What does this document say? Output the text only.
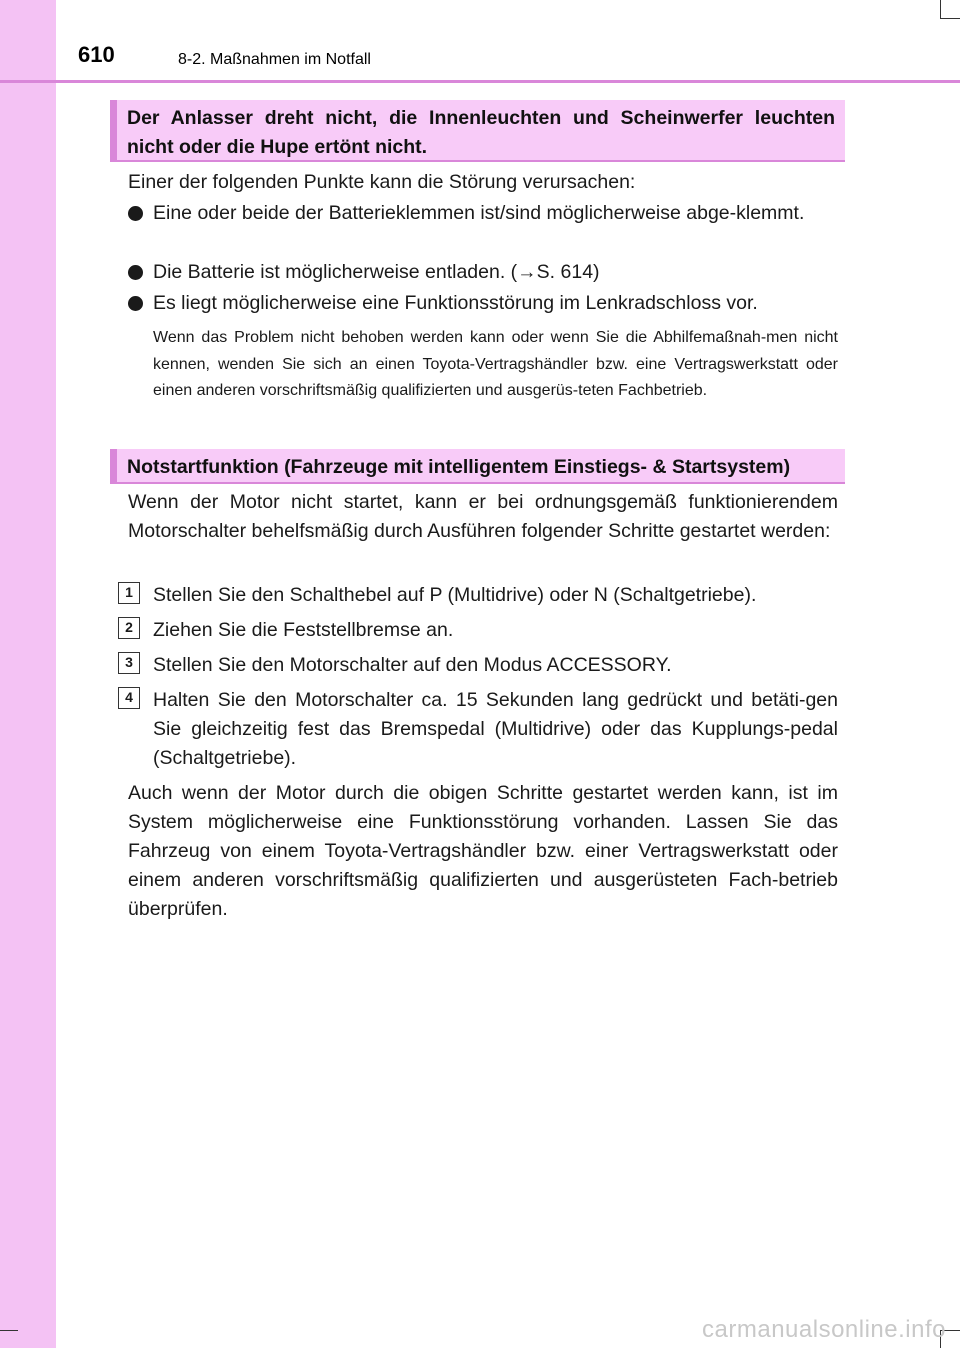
610	8-2. Maßnahmen im Notfall
Der Anlasser dreht nicht, die Innenleuchten und Scheinwerfer leuchten nicht oder die Hupe ertönt nicht.
Einer der folgenden Punkte kann die Störung verursachen:
Eine oder beide der Batterieklemmen ist/sind möglicherweise abge-klemmt.
Die Batterie ist möglicherweise entladen. (→S. 614)
Es liegt möglicherweise eine Funktionsstörung im Lenkradschloss vor.
Wenn das Problem nicht behoben werden kann oder wenn Sie die Abhilfemaßnah-men nicht kennen, wenden Sie sich an einen Toyota-Vertragshändler bzw. eine Vertragswerkstatt oder einen anderen vorschriftsmäßig qualifizierten und ausgerüs-teten Fachbetrieb.
Notstartfunktion (Fahrzeuge mit intelligentem Einstiegs- & Startsystem)
Wenn der Motor nicht startet, kann er bei ordnungsgemäß funktionierendem Motorschalter behelfsmäßig durch Ausführen folgender Schritte gestartet werden:
1	Stellen Sie den Schalthebel auf P (Multidrive) oder N (Schaltgetriebe).
2	Ziehen Sie die Feststellbremse an.
3	Stellen Sie den Motorschalter auf den Modus ACCESSORY.
4	Halten Sie den Motorschalter ca. 15 Sekunden lang gedrückt und betäti-gen Sie gleichzeitig fest das Bremspedal (Multidrive) oder das Kupplungs-pedal (Schaltgetriebe).
Auch wenn der Motor durch die obigen Schritte gestartet werden kann, ist im System möglicherweise eine Funktionsstörung vorhanden. Lassen Sie das Fahrzeug von einem Toyota-Vertragshändler bzw. einer Vertragswerkstatt oder einem anderen vorschriftsmäßig qualifizierten und ausgerüsteten Fach-betrieb überprüfen.
carmanualsonline.info
